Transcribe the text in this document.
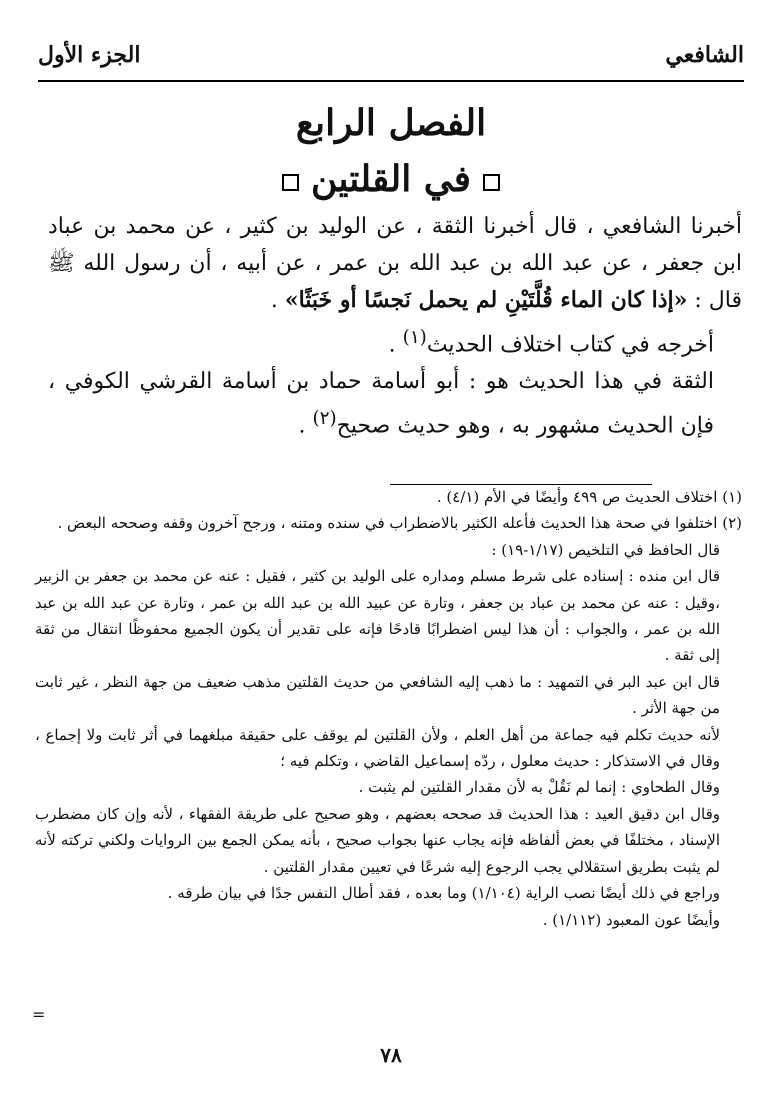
الشافعي
الجزء الأول
الفصل الرابع
في القلتين

أخبرنا الشافعي ، قال أخبرنا الثقة ، عن الوليد بن كثير ، عن محمد بن عباد ابن جعفر ، عن عبد الله بن عبد الله بن عمر ، عن أبيه ، أن رسول الله ﷺ قال : «إذا كان الماء قُلَّتَيْنِ لم يحمل نَجسًا أو خَبَثًا» .

أخرجه في كتاب اختلاف الحديث$^{(١)}$ .

الثقة في هذا الحديث هو : أبو أسامة حماد بن أسامة القرشي الكوفي ، فإن الحديث مشهور به ، وهو حديث صحيح$^{(٢)}$ .

(١) اختلاف الحديث ص ٤٩٩ وأيضًا في الأم (٤/١) .

(٢) اختلفوا في صحة هذا الحديث فأعله الكثير بالاضطراب في سنده ومتنه ، ورجح آخرون وقفه وصححه البعض .

قال الحافظ في التلخيص (١/١٧-١٩) :

قال ابن منده : إسناده على شرط مسلم ومداره على الوليد بن كثير ، فقيل : عنه عن محمد بن جعفر بن الزبير ،وقيل : عنه عن محمد بن عباد بن جعفر ، وتارة عن عبيد الله بن عبد الله بن عمر ، وتارة عن عبد الله بن عبد الله بن عمر ، والجواب : أن هذا ليس اضطرابًا قادحًا فإنه على تقدير أن يكون الجميع محفوظًا انتقال من ثقة إلى ثقة .

قال ابن عبد البر في التمهيد : ما ذهب إليه الشافعي من حديث القلتين مذهب ضعيف من جهة النظر ، غير ثابت من جهة الأثر .

لأنه حديث تكلم فيه جماعة من أهل العلم ، ولأن القلتين لم يوقف على حقيقة مبلغهما في أثر ثابت ولا إجماع ، وقال في الاستذكار : حديث معلول ، ردّه إسماعيل القاضي ، وتكلم فيه ؛

وقال الطحاوي : إنما لم نَقُلْ به لأن مقدار القلتين لم يثبت .

وقال ابن دقيق العيد : هذا الحديث قد صححه بعضهم ، وهو صحيح على طريقة الفقهاء ، لأنه وإن كان مضطرب الإسناد ، مختلفًا في بعض ألفاظه فإنه يجاب عنها بجواب صحيح ، بأنه يمكن الجمع بين الروايات ولكني تركته لأنه لم يثبت بطريق استقلالي يجب الرجوع إليه شرعًا في تعيين مقدار القلتين .

وراجع في ذلك أيضًا نصب الراية (١/١٠٤) وما بعده ، فقد أطال النفس جدًا في بيان طرقه .

وأيضًا عون المعبود (١/١١٢) .

=
٧٨
